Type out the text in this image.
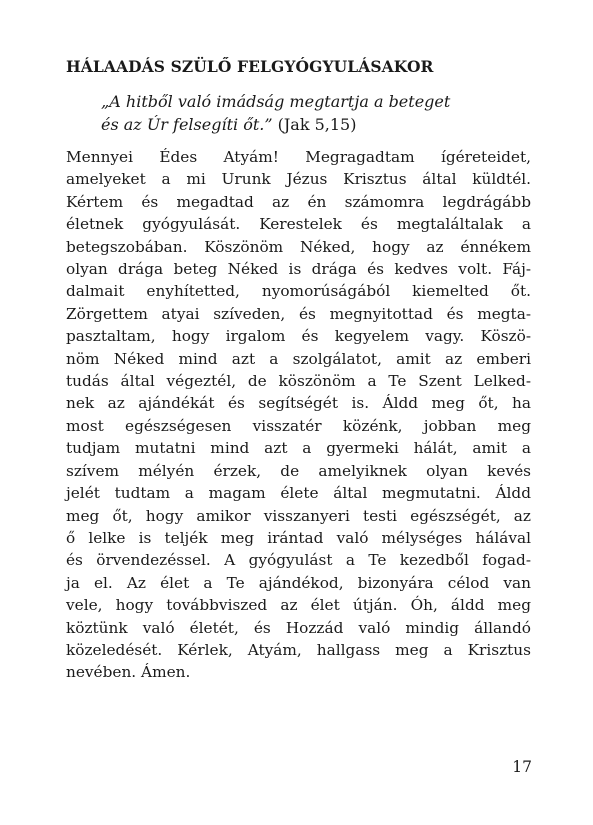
HÁLAADÁS SZÜLŐ FELGYÓGYULÁSAKOR
„A hitből való imádság megtartja a beteget
és az Úr felsegíti őt.” (Jak 5,15)
Mennyei Édes Atyám! Megragadtam ígéreteidet,
amelyeket a mi Urunk Jézus Krisztus által küldtél.
Kértem és megadtad az én számomra legdrágább
életnek gyógyulását. Kerestelek és megtaláltalak a
betegszobában. Köszönöm Néked, hogy az énnékem
olyan drága beteg Néked is drága és kedves volt. Fáj-
dalmait enyhítetted, nyomorúságából kiemelted őt.
Zörgettem atyai szíveden, és megnyitottad és megta-
pasztaltam, hogy irgalom és kegyelem vagy. Köszö-
nöm Néked mind azt a szolgálatot, amit az emberi
tudás által végeztél, de köszönöm a Te Szent Lelked-
nek az ajándékát és segítségét is. Áldd meg őt, ha
most egészségesen visszatér közénk, jobban meg
tudjam mutatni mind azt a gyermeki hálát, amit a
szívem mélyén érzek, de amelyiknek olyan kevés
jelét tudtam a magam élete által megmutatni. Áldd
meg őt, hogy amikor visszanyeri testi egészségét, az
ő lelke is teljék meg irántad való mélységes hálával
és örvendezéssel. A gyógyulást a Te kezedből fogad-
ja el. Az élet a Te ajándékod, bizonyára célod van
vele, hogy továbbviszed az élet útján. Óh, áldd meg
köztünk való életét, és Hozzád való mindig állandó
közeledését. Kérlek, Atyám, hallgass meg a Krisztus
nevében. Ámen.
17
